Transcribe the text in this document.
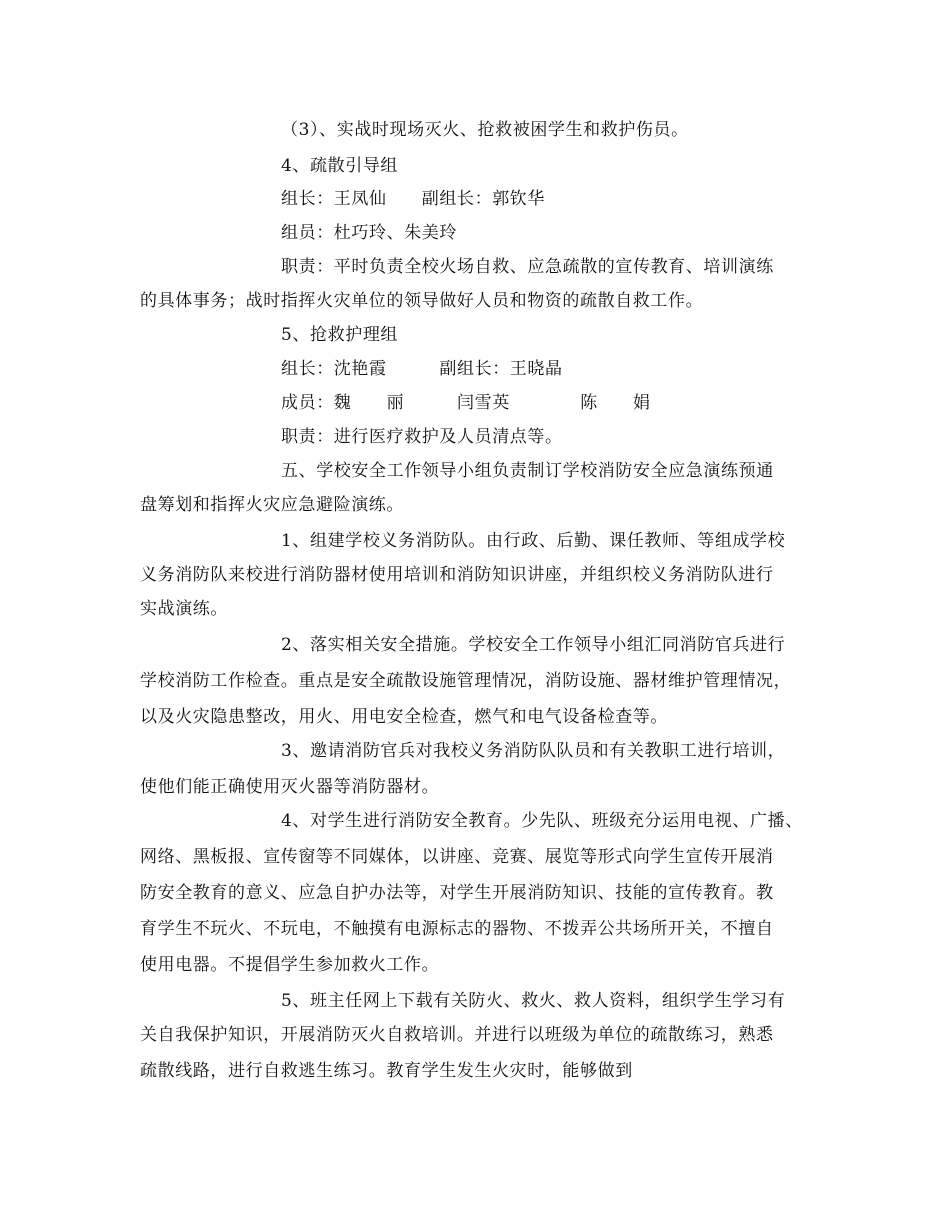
（3）、实战时现场灭火、抢救被困学生和救护伤员。
4、疏散引导组
组长：王凤仙　　副组长：郭钦华
组员：杜巧玲、朱美玲
职责：平时负责全校火场自救、应急疏散的宣传教育、培训演练
的具体事务；战时指挥火灾单位的领导做好人员和物资的疏散自救工作。
5、抢救护理组
组长：沈艳霞　　　副组长：王晓晶
成员：魏　　丽　　　闫雪英　　　　陈　　娟
职责：进行医疗救护及人员清点等。
五、学校安全工作领导小组负责制订学校消防安全应急演练预通
盘筹划和指挥火灾应急避险演练。
1、组建学校义务消防队。由行政、后勤、课任教师、等组成学校
义务消防队来校进行消防器材使用培训和消防知识讲座，并组织校义务消防队进行
实战演练。
2、落实相关安全措施。学校安全工作领导小组汇同消防官兵进行
学校消防工作检查。重点是安全疏散设施管理情况，消防设施、器材维护管理情况，
以及火灾隐患整改，用火、用电安全检查，燃气和电气设备检查等。
3、邀请消防官兵对我校义务消防队队员和有关教职工进行培训，
使他们能正确使用灭火器等消防器材。
4、对学生进行消防安全教育。少先队、班级充分运用电视、广播、
网络、黑板报、宣传窗等不同媒体，以讲座、竞赛、展览等形式向学生宣传开展消
防安全教育的意义、应急自护办法等，对学生开展消防知识、技能的宣传教育。教
育学生不玩火、不玩电，不触摸有电源标志的器物、不拨弄公共场所开关，不擅自
使用电器。不提倡学生参加救火工作。
5、班主任网上下载有关防火、救火、救人资料，组织学生学习有
关自我保护知识，开展消防灭火自救培训。并进行以班级为单位的疏散练习，熟悉
疏散线路，进行自救逃生练习。教育学生发生火灾时，能够做到
